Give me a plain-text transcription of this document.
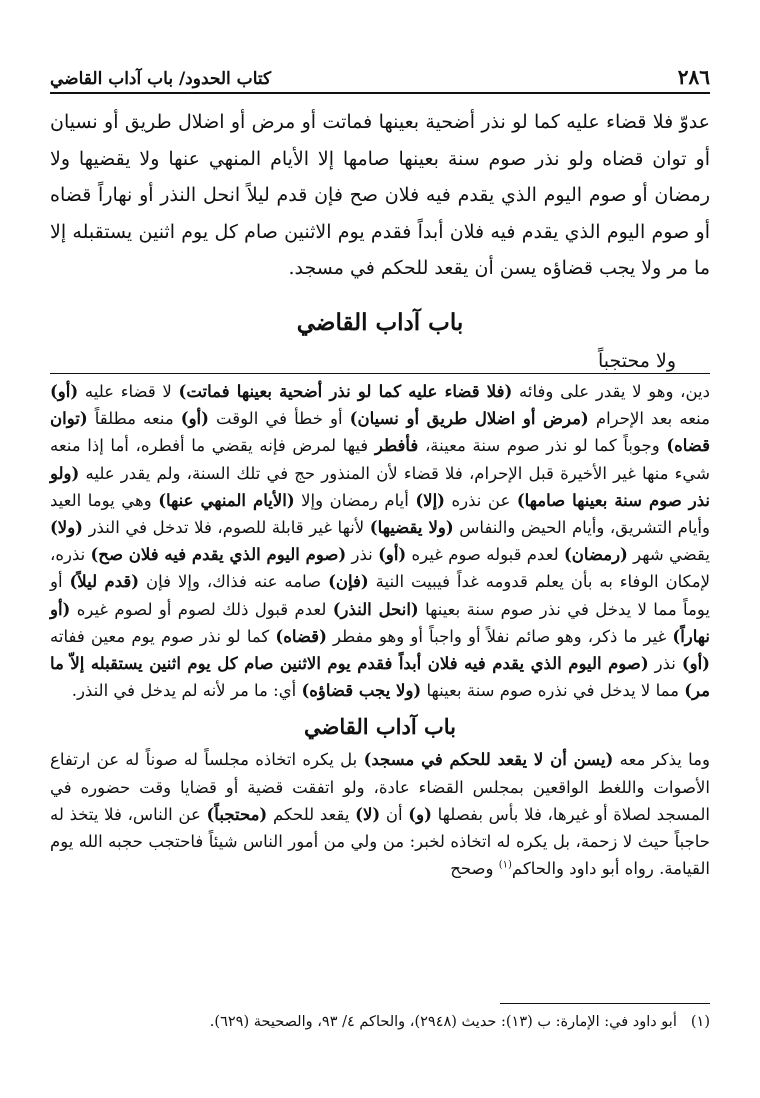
٢٨٦
كتاب الحدود/ باب آداب القاضي

عدوّ فلا قضاء عليه كما لو نذر أضحية بعينها فماتت أو مرض أو اضلال طريق أو نسيان أو توان قضاه ولو نذر صوم سنة بعينها صامها إلا الأيام المنهي عنها ولا يقضيها ولا رمضان أو صوم اليوم الذي يقدم فيه فلان صح فإن قدم ليلاً انحل النذر أو نهاراً قضاه أو صوم اليوم الذي يقدم فيه فلان أبداً فقدم يوم الاثنين صام كل يوم اثنين يستقبله إلا ما مر ولا يجب قضاؤه يسن أن يقعد للحكم في مسجد.

باب آداب القاضي

ولا محتجباً

دين، وهو لا يقدر على وفائه (فلا قضاء عليه كما لو نذر أضحية بعينها فماتت) لا قضاء عليه (أو) منعه بعد الإحرام (مرض أو اضلال طريق أو نسيان) أو خطأ في الوقت (أو) منعه مطلقاً (توان قضاه) وجوباً كما لو نذر صوم سنة معينة، فأفطر فيها لمرض فإنه يقضي ما أفطره، أما إذا منعه شيء منها غير الأخيرة قبل الإحرام، فلا قضاء لأن المنذور حج في تلك السنة، ولم يقدر عليه (ولو نذر صوم سنة بعينها صامها) عن نذره (إلا) أيام رمضان وإلا (الأيام المنهي عنها) وهي يوما العيد وأيام التشريق، وأيام الحيض والنفاس (ولا يقضيها) لأنها غير قابلة للصوم، فلا تدخل في النذر (ولا) يقضي شهر (رمضان) لعدم قبوله صوم غيره (أو) نذر (صوم اليوم الذي يقدم فيه فلان صح) نذره، لإمكان الوفاء به بأن يعلم قدومه غداً فيبيت النية (فإن) صامه عنه فذاك، وإلا فإن (قدم ليلاً) أو يوماً مما لا يدخل في نذر صوم سنة بعينها (انحل النذر) لعدم قبول ذلك لصوم أو لصوم غيره (أو نهاراً) غير ما ذكر، وهو صائم نفلاً أو واجباً أو وهو مفطر (قضاه) كما لو نذر صوم يوم معين ففاته (أو) نذر (صوم اليوم الذي يقدم فيه فلان أبداً فقدم يوم الاثنين صام كل يوم اثنين يستقبله إلاّ ما مر) مما لا يدخل في نذره صوم سنة بعينها (ولا يجب قضاؤه) أي: ما مر لأنه لم يدخل في النذر.

باب آداب القاضي

وما يذكر معه (يسن أن لا يقعد للحكم في مسجد) بل يكره اتخاذه مجلساً له صوناً له عن ارتفاع الأصوات واللغط الواقعين بمجلس القضاء عادة، ولو اتفقت قضية أو قضايا وقت حضوره في المسجد لصلاة أو غيرها، فلا بأس بفصلها (و) أن (لا) يقعد للحكم (محتجباً) عن الناس، فلا يتخذ له حاجباً حيث لا زحمة، بل يكره له اتخاذه لخبر: من ولي من أمور الناس شيئاً فاحتجب حجبه الله يوم القيامة. رواه أبو داود والحاكم$^{(١)}$ وصحح

(١)أبو داود في: الإمارة: ب (١٣): حديث (٢٩٤٨)، والحاكم ٤/ ٩٣، والصحيحة (٦٢٩).
